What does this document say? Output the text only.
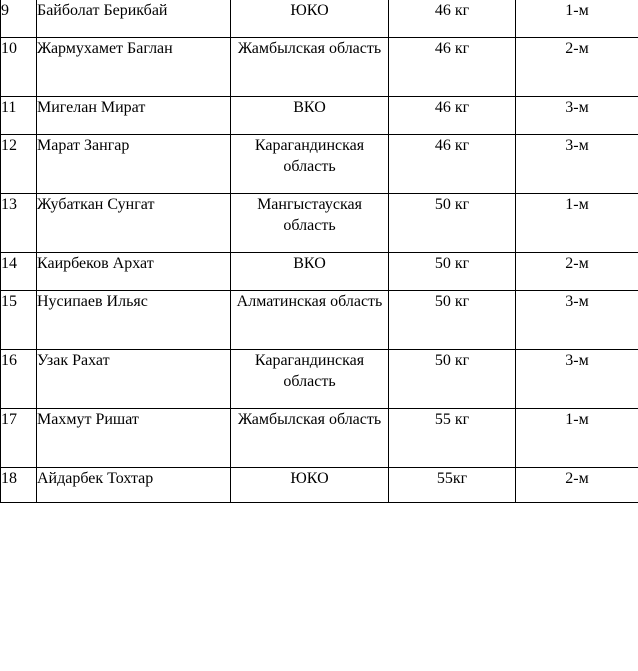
9	Байболат Берикбай	ЮКО	46 кг	1-м
10	Жармухамет Баглан	Жамбылская область	46 кг	2-м
11	Мигелан Мират	ВКО	46 кг	3-м
12	Марат Зангар	Карагандинская область	46 кг	3-м
13	Жубаткан Сунгат	Мангыстауская область	50 кг	1-м
14	Каирбеков Архат	ВКО	50 кг	2-м
15	Нусипаев Ильяс	Алматинская область	50 кг	3-м
16	Узак Рахат	Карагандинская область	50 кг	3-м
17	Махмут Ришат	Жамбылская область	55 кг	1-м
18	Айдарбек Тохтар	ЮКО	55кг	2-м
